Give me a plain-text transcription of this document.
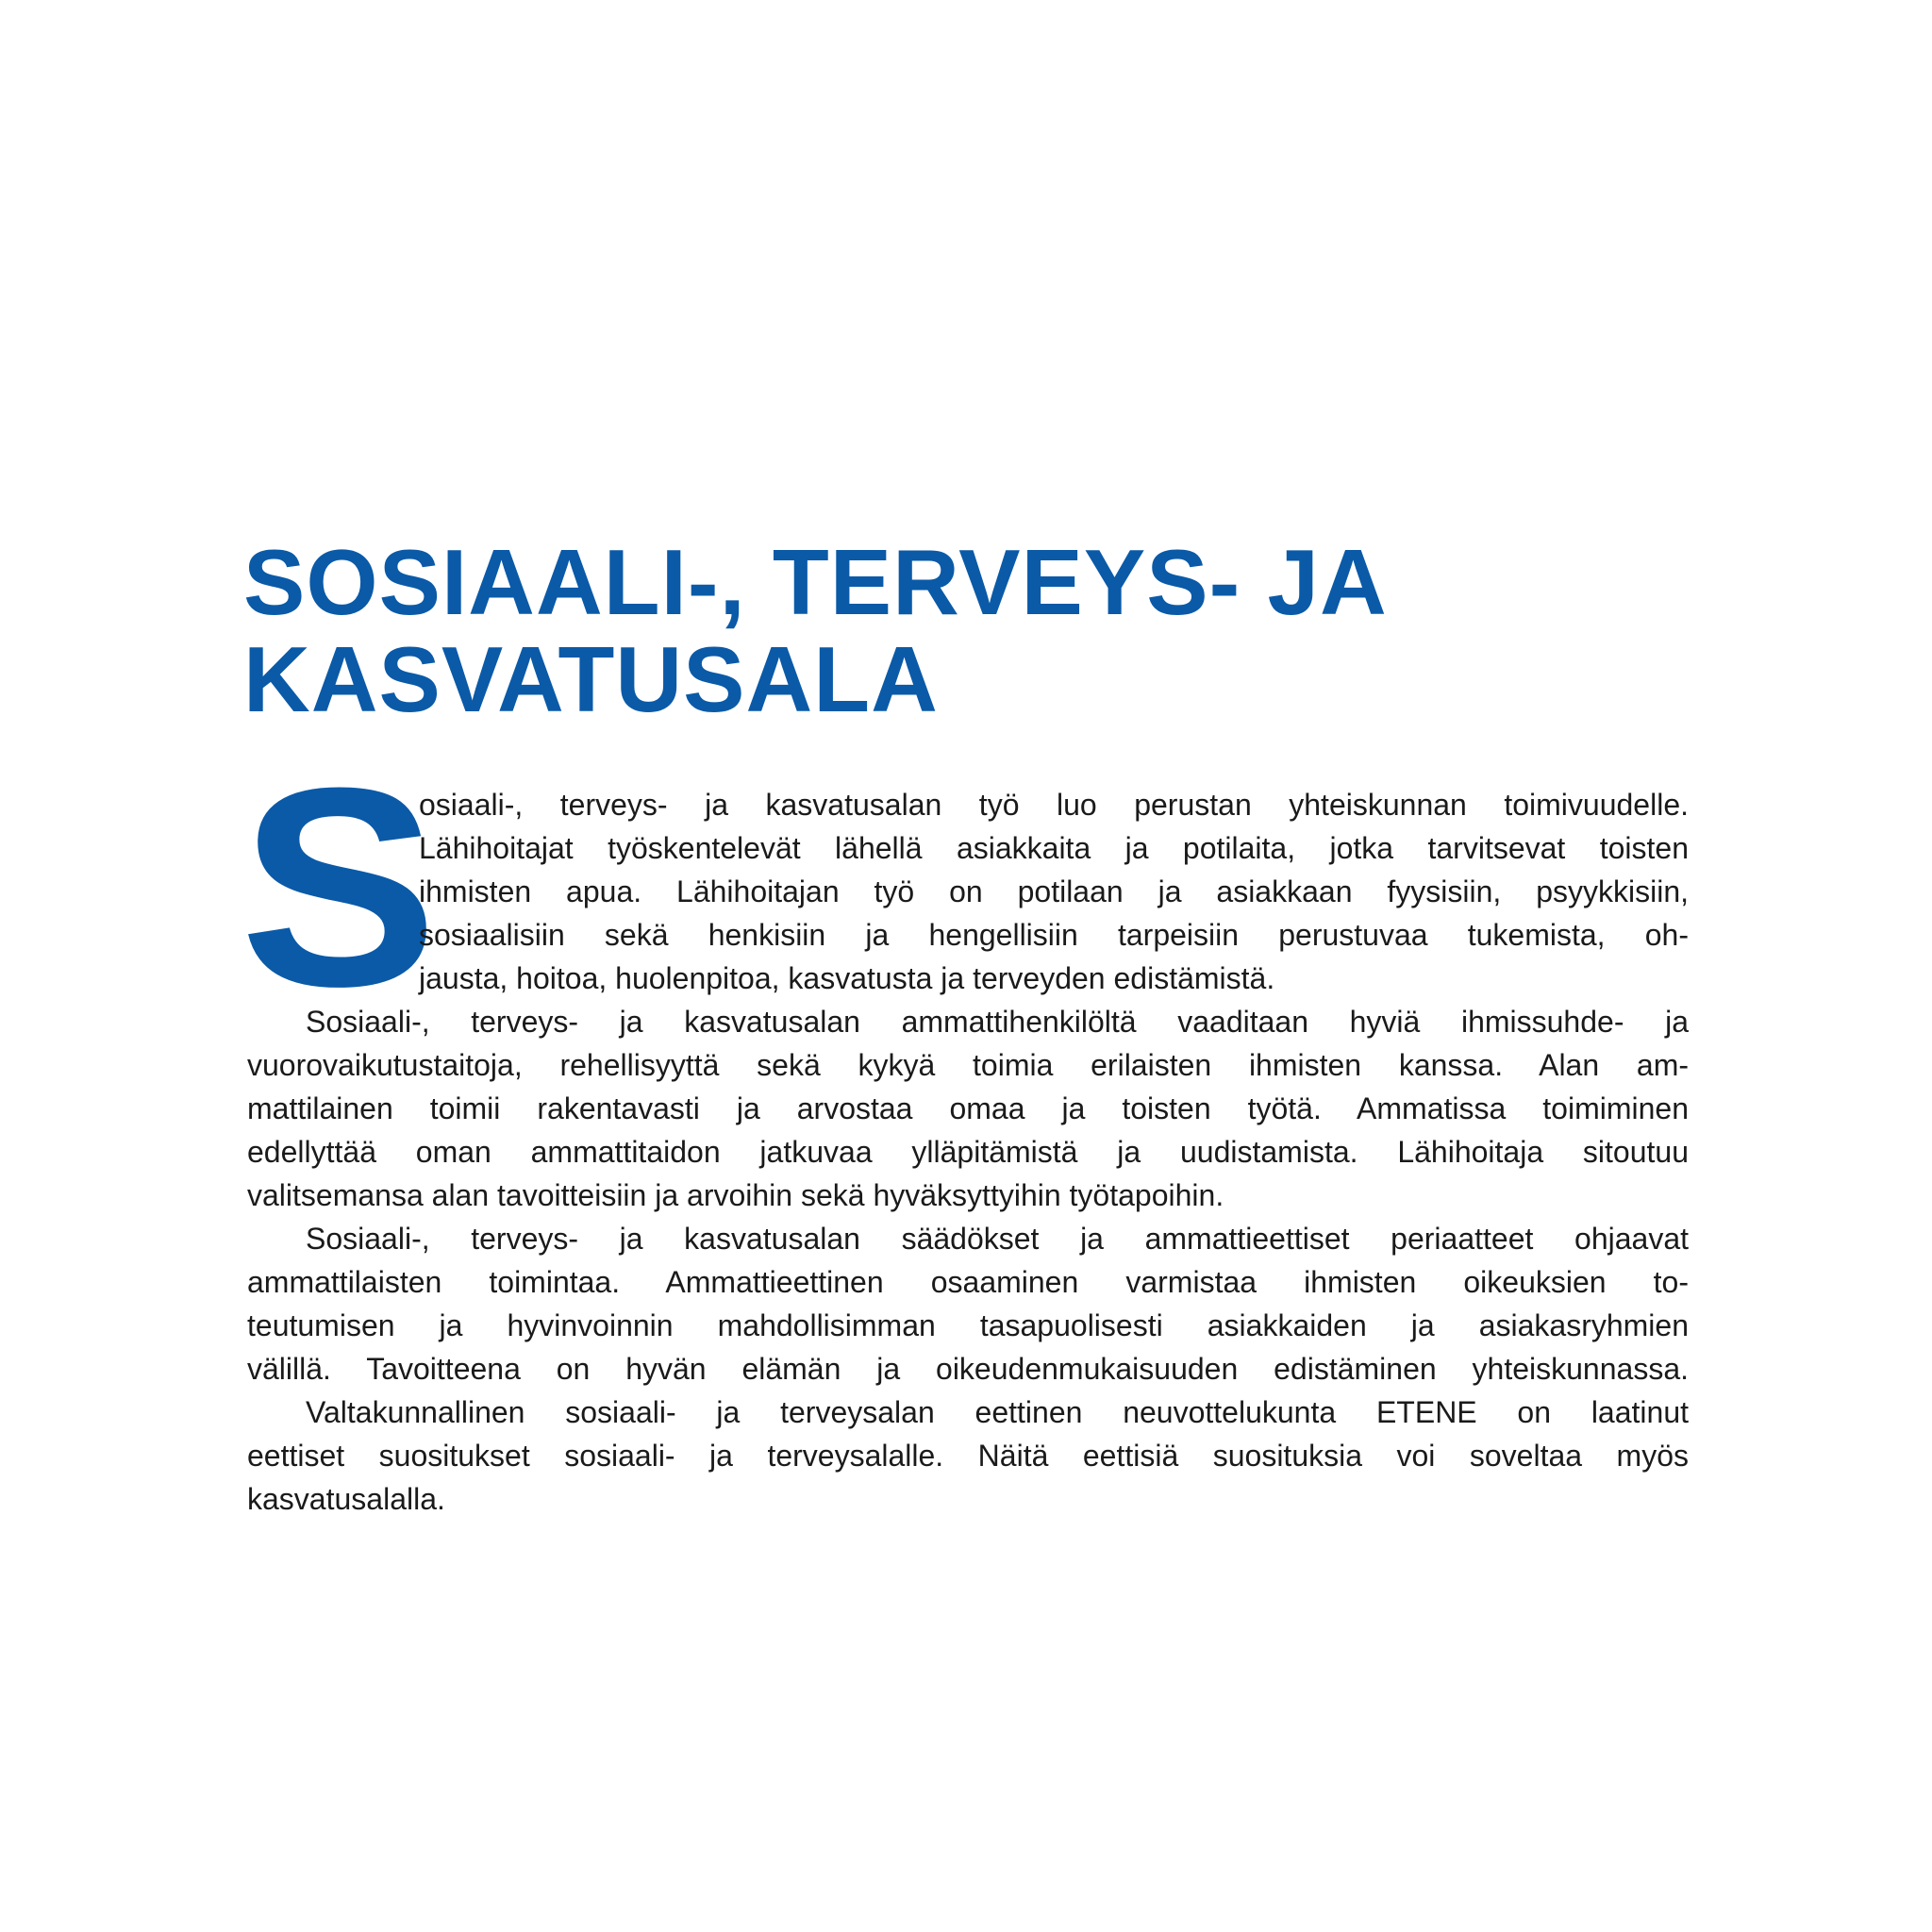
SOSIAALI-, TERVEYS- JA
KASVATUSALA
S
osiaali-, terveys- ja kasvatusalan työ luo perustan yhteiskunnan toimivuudelle.
Lähihoitajat työskentelevät lähellä asiakkaita ja potilaita, jotka tarvitsevat toisten
ihmisten apua. Lähihoitajan työ on potilaan ja asiakkaan fyysisiin, psyykkisiin,
sosiaalisiin sekä henkisiin ja hengellisiin tarpeisiin perustuvaa tukemista, oh-
jausta, hoitoa, huolenpitoa, kasvatusta ja terveyden edistämistä.
Sosiaali-, terveys- ja kasvatusalan ammattihenkilöltä vaaditaan hyviä ihmissuhde- ja
vuorovaikutustaitoja, rehellisyyttä sekä kykyä toimia erilaisten ihmisten kanssa. Alan am-
mattilainen toimii rakentavasti ja arvostaa omaa ja toisten työtä. Ammatissa toimiminen
edellyttää oman ammattitaidon jatkuvaa ylläpitämistä ja uudistamista. Lähihoitaja sitoutuu
valitsemansa alan tavoitteisiin ja arvoihin sekä hyväksyttyihin työtapoihin.
Sosiaali-, terveys- ja kasvatusalan säädökset ja ammattieettiset periaatteet ohjaavat
ammattilaisten toimintaa. Ammattieettinen osaaminen varmistaa ihmisten oikeuksien to-
teutumisen ja hyvinvoinnin mahdollisimman tasapuolisesti asiakkaiden ja asiakasryhmien
välillä. Tavoitteena on hyvän elämän ja oikeudenmukaisuuden edistäminen yhteiskunnassa.
Valtakunnallinen sosiaali- ja terveysalan eettinen neuvottelukunta ETENE on laatinut
eettiset suositukset sosiaali- ja terveysalalle. Näitä eettisiä suosituksia voi soveltaa myös
kasvatusalalla.
